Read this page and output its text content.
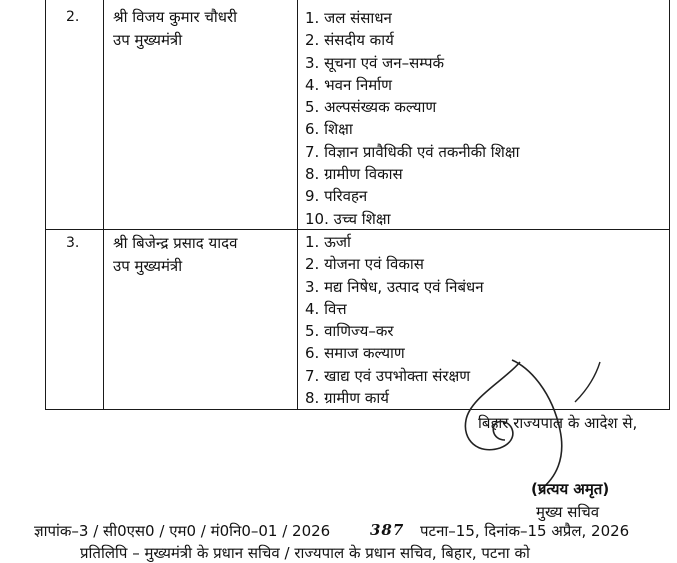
2. श्री विजय कुमार चौधरी
उप मुख्यमंत्री
1. जल संसाधन
2. संसदीय कार्य
3. सूचना एवं जन–सम्पर्क
4. भवन निर्माण
5. अल्पसंख्यक कल्याण
6. शिक्षा
7. विज्ञान प्रावैधिकी एवं तकनीकी शिक्षा
8. ग्रामीण विकास
9. परिवहन
10. उच्च शिक्षा
3. श्री बिजेन्द्र प्रसाद यादव
उप मुख्यमंत्री
1. ऊर्जा
2. योजना एवं विकास
3. मद्य निषेध, उत्पाद एवं निबंधन
4. वित्त
5. वाणिज्य–कर
6. समाज कल्याण
7. खाद्य एवं उपभोक्ता संरक्षण
8. ग्रामीण कार्य
बिहार राज्यपाल के आदेश से,
(प्रत्यय अमृत)
मुख्य सचिव
ज्ञापांक–3 / सी0एस0 / एम0 / मं0नि0–01 / 2026	387 पटना–15, दिनांक–15 अप्रैल, 2026
प्रतिलिपि – मुख्यमंत्री के प्रधान सचिव / राज्यपाल के प्रधान सचिव, बिहार, पटना को
